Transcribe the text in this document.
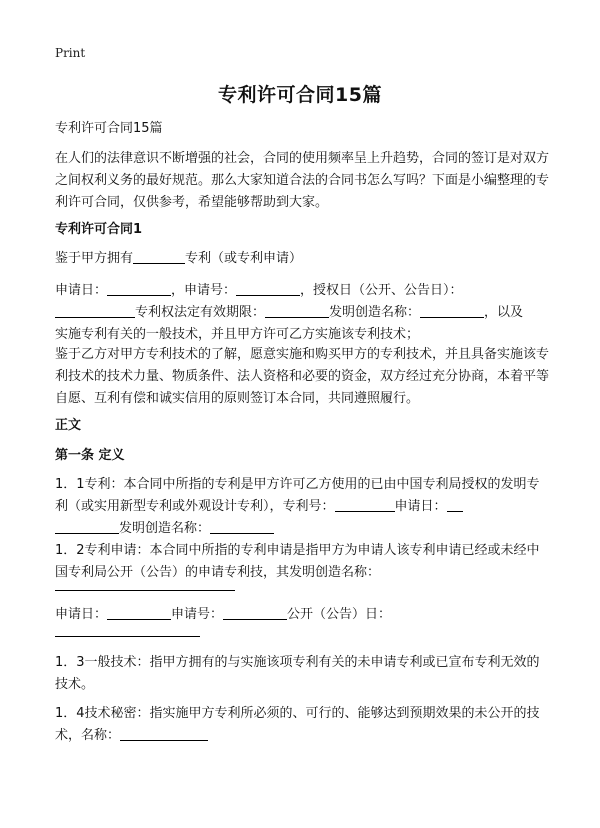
Print
专利许可合同15篇
专利许可合同15篇
在人们的法律意识不断增强的社会，合同的使用频率呈上升趋势，合同的签订是对双方之间权利义务的最好规范。那么大家知道合法的合同书怎么写吗？下面是小编整理的专利许可合同，仅供参考，希望能够帮助到大家。
专利许可合同1
鉴于甲方拥有	专利（或专利申请）
申请日：	，申请号：	，授权日（公开、公告日）：
专利权法定有效期限：	发明创造名称：	，以及
实施专利有关的一般技术，并且甲方许可乙方实施该专利技术；
鉴于乙方对甲方专利技术的了解，愿意实施和购买甲方的专利技术，并且具备实施该专利技术的技术力量、物质条件、法人资格和必要的资金，双方经过充分协商，本着平等自愿、互利有偿和诚实信用的原则签订本合同，共同遵照履行。
正文
第一条 定义
1．1专利：本合同中所指的专利是甲方许可乙方使用的已由中国专利局授权的发明专利（或实用新型专利或外观设计专利），专利号：	申请日：
发明创造名称：
1．2专利申请：本合同中所指的专利申请是指甲方为申请人该专利申请已经或未经中国专利局公开（公告）的申请专利技，其发明创造名称：
申请日：	申请号：	公开（公告）日：
1．3一般技术：指甲方拥有的与实施该项专利有关的未申请专利或已宣布专利无效的技术。
1．4技术秘密：指实施甲方专利所必须的、可行的、能够达到预期效果的未公开的技术，名称：
